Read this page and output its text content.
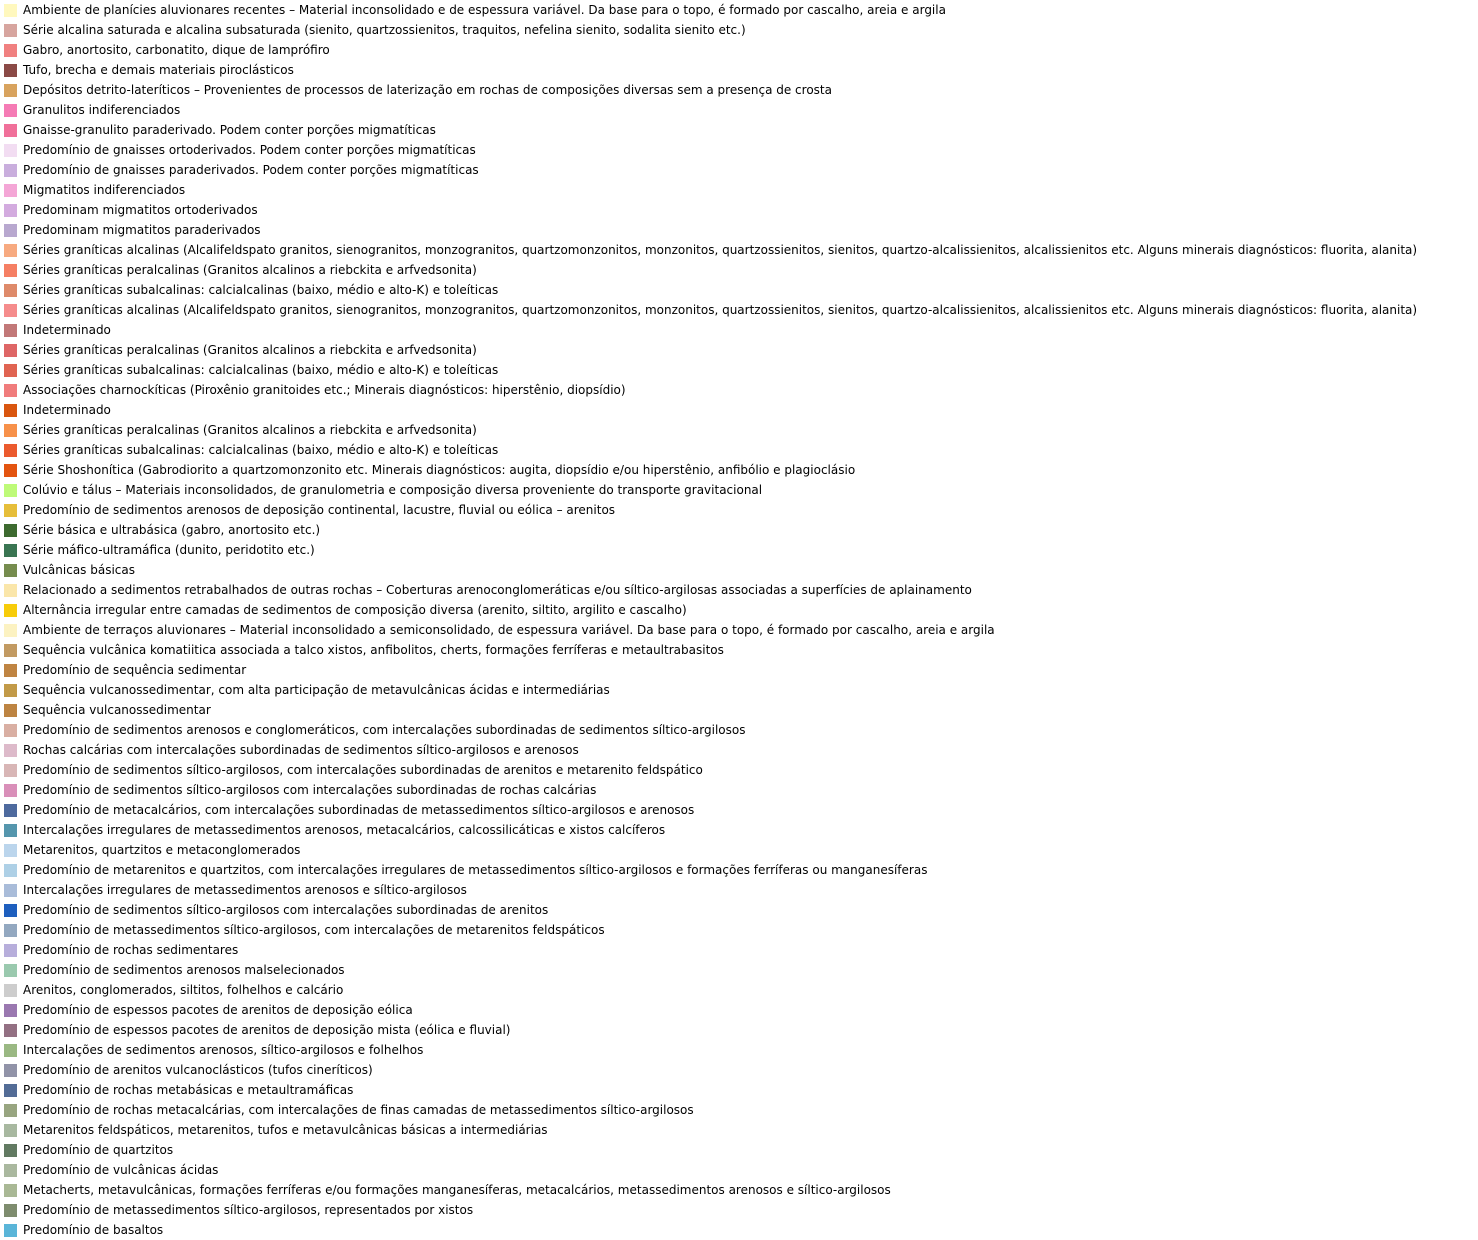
Ambiente de planícies aluvionares recentes – Material inconsolidado e de espessura variável. Da base para o topo, é formado por cascalho, areia e argila
Série alcalina saturada e alcalina subsaturada (sienito, quartzossienitos, traquitos, nefelina sienito, sodalita sienito etc.)
Gabro, anortosito, carbonatito, dique de lamprófiro
Tufo, brecha e demais materiais piroclásticos
Depósitos detrito-lateríticos – Provenientes de processos de laterização em rochas de composições diversas sem a presença de crosta
Granulitos indiferenciados
Gnaisse-granulito paraderivado. Podem conter porções migmatíticas
Predomínio de gnaisses ortoderivados. Podem conter porções migmatíticas
Predomínio de gnaisses paraderivados. Podem conter porções migmatíticas
Migmatitos indiferenciados
Predominam migmatitos ortoderivados
Predominam migmatitos paraderivados
Séries graníticas alcalinas (Alcalifeldspato granitos, sienogranitos, monzogranitos, quartzomonzonitos, monzonitos, quartzossienitos, sienitos, quartzo-alcalissienitos, alcalissienitos etc. Alguns minerais diagnósticos: fluorita, alanita)
Séries graníticas peralcalinas (Granitos alcalinos a riebckita e arfvedsonita)
Séries graníticas subalcalinas: calcialcalinas (baixo, médio e alto-K) e toleíticas
Séries graníticas alcalinas (Alcalifeldspato granitos, sienogranitos, monzogranitos, quartzomonzonitos, monzonitos, quartzossienitos, sienitos, quartzo-alcalissienitos, alcalissienitos etc. Alguns minerais diagnósticos: fluorita, alanita)
Indeterminado
Séries graníticas peralcalinas (Granitos alcalinos a riebckita e arfvedsonita)
Séries graníticas subalcalinas: calcialcalinas (baixo, médio e alto-K) e toleíticas
Associações charnockíticas (Piroxênio granitoides etc.; Minerais diagnósticos: hiperstênio, diopsídio)
Indeterminado
Séries graníticas peralcalinas (Granitos alcalinos a riebckita e arfvedsonita)
Séries graníticas subalcalinas: calcialcalinas (baixo, médio e alto-K) e toleíticas
Série Shoshonítica (Gabrodiorito a quartzomonzonito etc. Minerais diagnósticos: augita, diopsídio e/ou hiperstênio, anfibólio e plagioclásio
Colúvio e tálus – Materiais inconsolidados, de granulometria e composição diversa proveniente do transporte gravitacional
Predomínio de sedimentos arenosos de deposição continental, lacustre, fluvial ou eólica – arenitos
Série básica e ultrabásica (gabro, anortosito etc.)
Série máfico-ultramáfica (dunito, peridotito etc.)
Vulcânicas básicas
Relacionado a sedimentos retrabalhados de outras rochas – Coberturas arenoconglomeráticas e/ou síltico-argilosas associadas a superfícies de aplainamento
Alternância irregular entre camadas de sedimentos de composição diversa (arenito, siltito, argilito e cascalho)
Ambiente de terraços aluvionares – Material inconsolidado a semiconsolidado, de espessura variável. Da base para o topo, é formado por cascalho, areia e argila
Sequência vulcânica komatiitica associada a talco xistos, anfibolitos, cherts, formações ferríferas e metaultrabasitos
Predomínio de sequência sedimentar
Sequência vulcanossedimentar, com alta participação de metavulcânicas ácidas e intermediárias
Sequência vulcanossedimentar
Predomínio de sedimentos arenosos e conglomeráticos, com intercalações subordinadas de sedimentos síltico-argilosos
Rochas calcárias com intercalações subordinadas de sedimentos síltico-argilosos e arenosos
Predomínio de sedimentos síltico-argilosos, com intercalações subordinadas de arenitos e metarenito feldspático
Predomínio de sedimentos síltico-argilosos com intercalações subordinadas de rochas calcárias
Predomínio de metacalcários, com intercalações subordinadas de metassedimentos síltico-argilosos e arenosos
Intercalações irregulares de metassedimentos arenosos, metacalcários, calcossilicáticas e xistos calcíferos
Metarenitos, quartzitos e metaconglomerados
Predomínio de metarenitos e quartzitos, com intercalações irregulares de metassedimentos síltico-argilosos e formações ferríferas ou manganesíferas
Intercalações irregulares de metassedimentos arenosos e síltico-argilosos
Predomínio de sedimentos síltico-argilosos com intercalações subordinadas de arenitos
Predomínio de metassedimentos síltico-argilosos, com intercalações de metarenitos feldspáticos
Predomínio de rochas sedimentares
Predomínio de sedimentos arenosos malselecionados
Arenitos, conglomerados, siltitos, folhelhos e calcário
Predomínio de espessos pacotes de arenitos de deposição eólica
Predomínio de espessos pacotes de arenitos de deposição mista (eólica e fluvial)
Intercalações de sedimentos arenosos, síltico-argilosos e folhelhos
Predomínio de arenitos vulcanoclásticos (tufos cineríticos)
Predomínio de rochas metabásicas e metaultramáficas
Predomínio de rochas metacalcárias, com intercalações de finas camadas de metassedimentos síltico-argilosos
Metarenitos feldspáticos, metarenitos, tufos e metavulcânicas básicas a intermediárias
Predomínio de quartzitos
Predomínio de vulcânicas ácidas
Metacherts, metavulcânicas, formações ferríferas e/ou formações manganesíferas, metacalcários, metassedimentos arenosos e síltico-argilosos
Predomínio de metassedimentos síltico-argilosos, representados por xistos
Predomínio de basaltos
